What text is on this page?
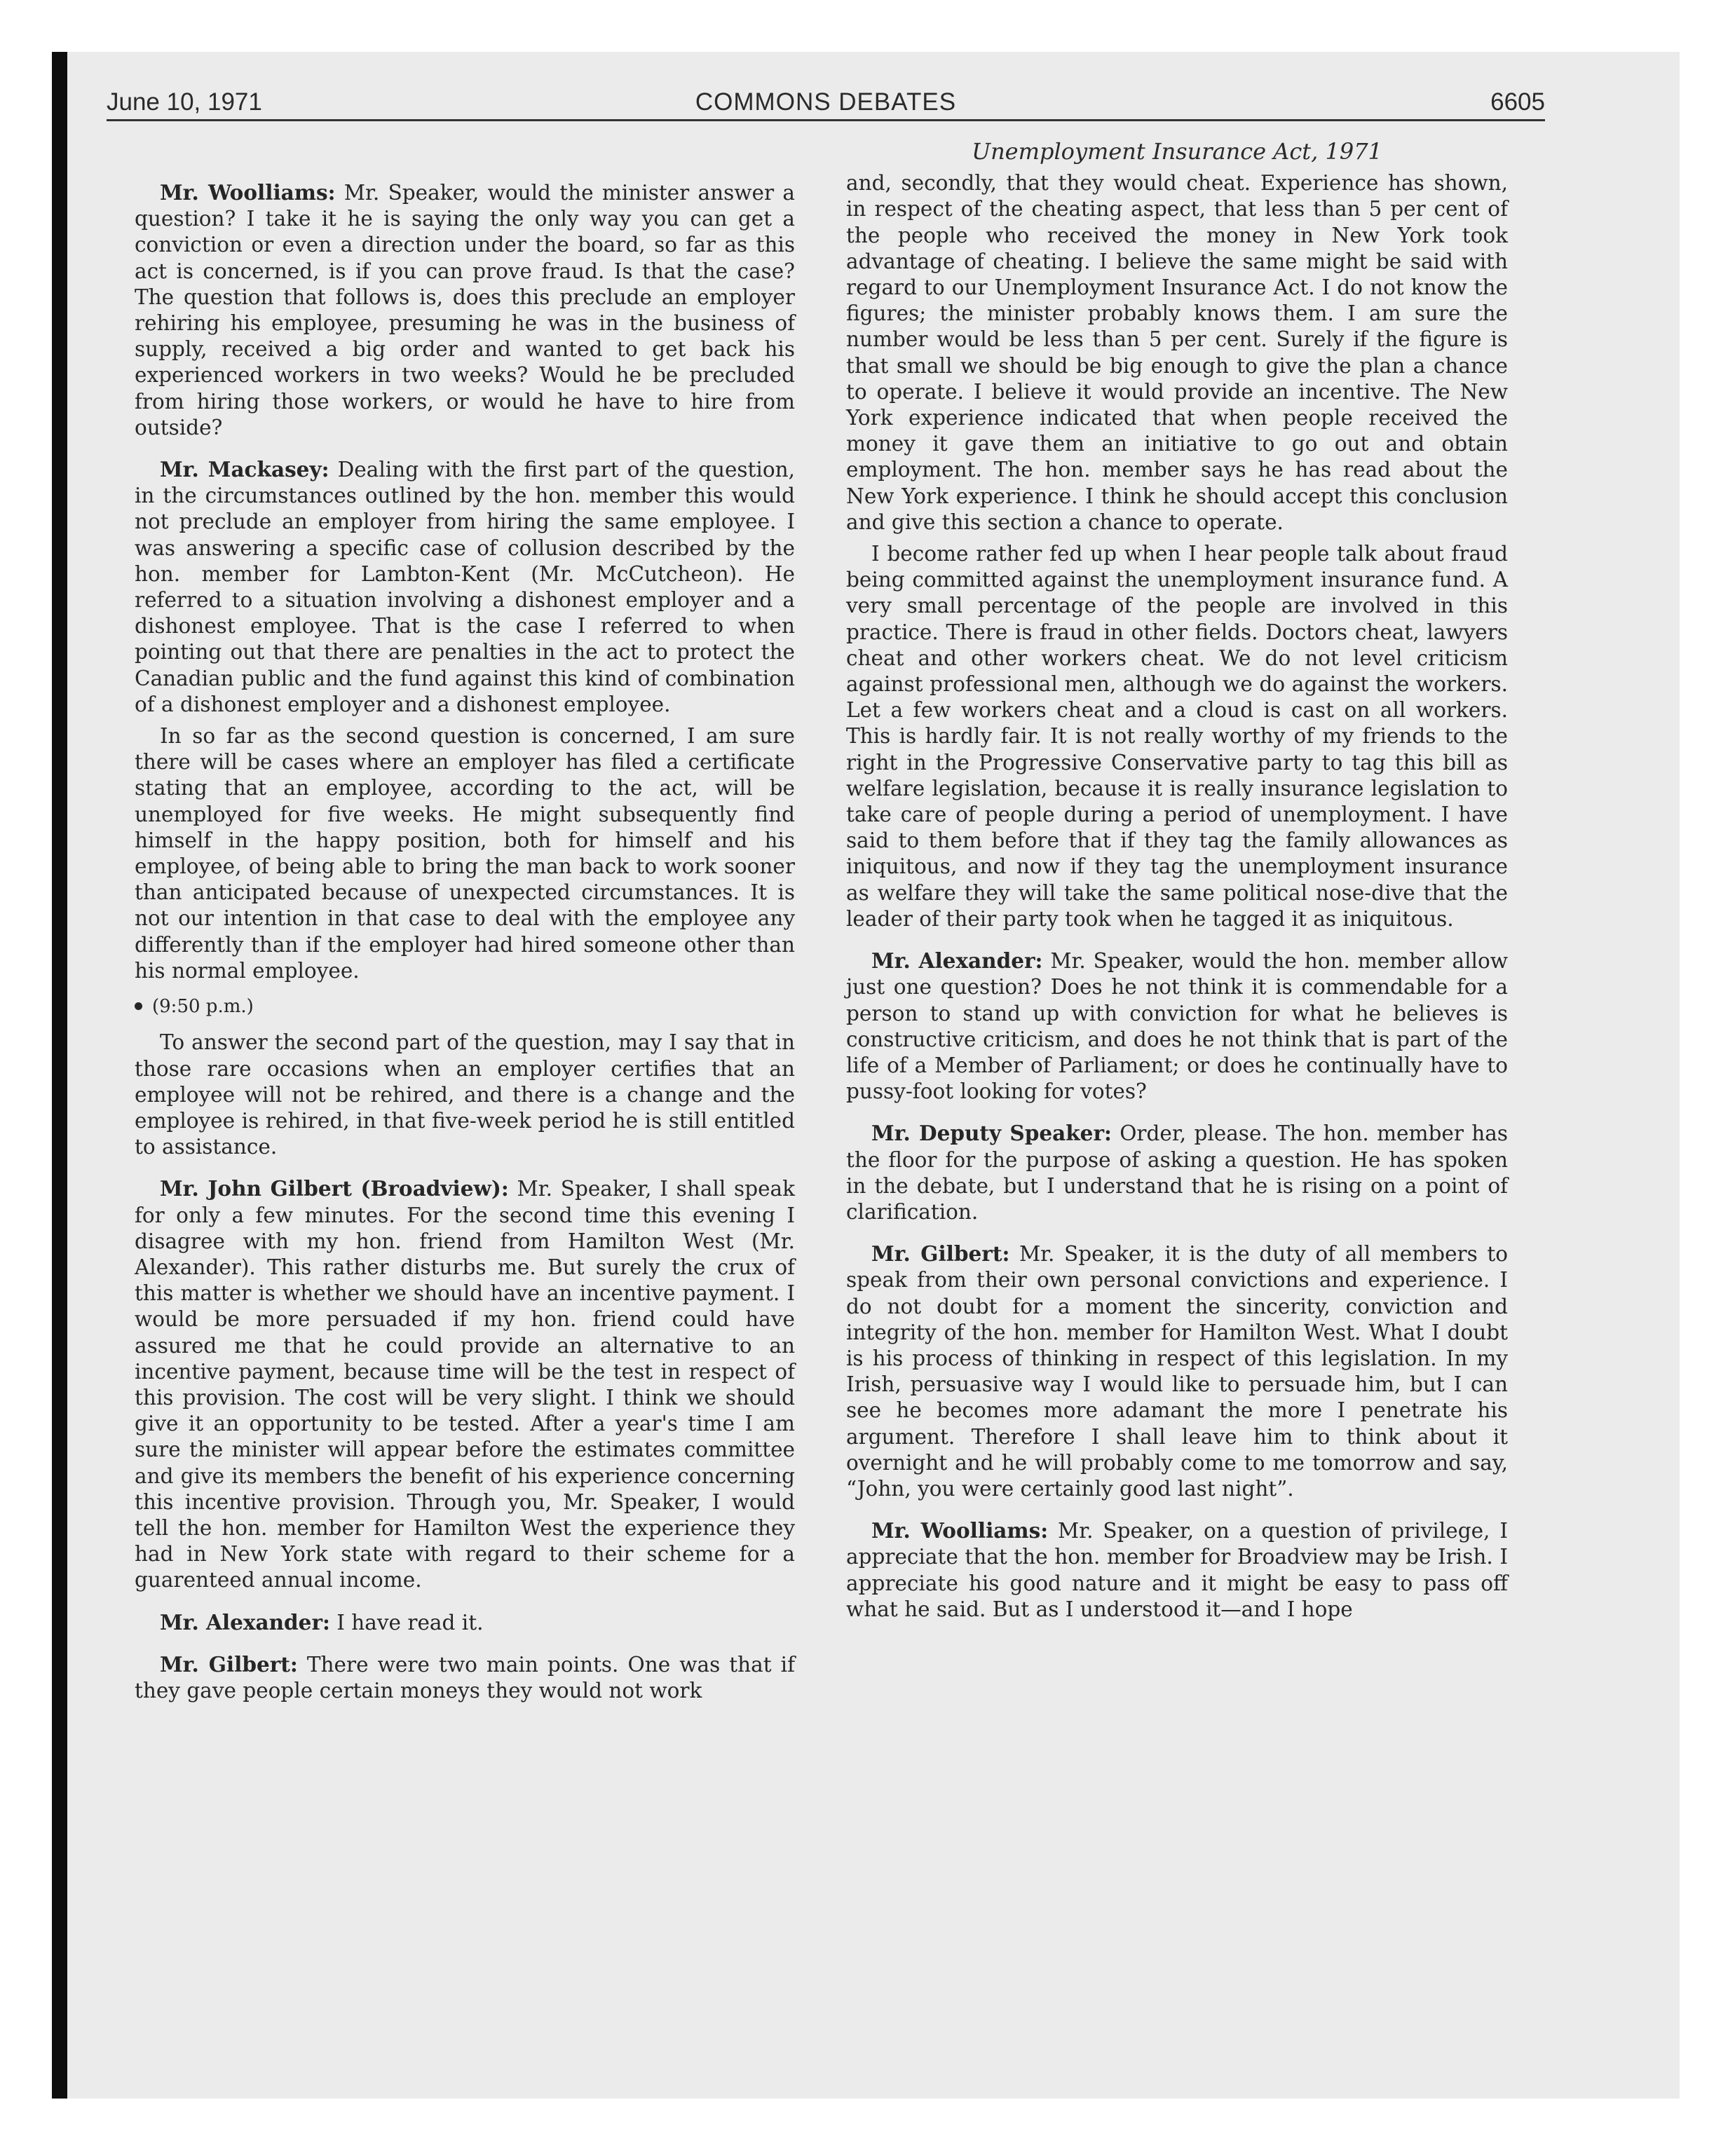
June 10, 1971	COMMONS DEBATES	6605

Mr. Woolliams: Mr. Speaker, would the minister answer a question? I take it he is saying the only way you can get a conviction or even a direction under the board, so far as this act is concerned, is if you can prove fraud. Is that the case? The question that follows is, does this preclude an employer rehiring his employee, presuming he was in the business of supply, received a big order and wanted to get back his experienced workers in two weeks? Would he be precluded from hiring those workers, or would he have to hire from outside?

Mr. Mackasey: Dealing with the first part of the question, in the circumstances outlined by the hon. member this would not preclude an employer from hiring the same employee. I was answering a specific case of collusion described by the hon. member for Lambton-Kent (Mr. McCutcheon). He referred to a situation involving a dishonest employer and a dishonest employee. That is the case I referred to when pointing out that there are penalties in the act to protect the Canadian public and the fund against this kind of combination of a dishonest employer and a dishonest employee.

In so far as the second question is concerned, I am sure there will be cases where an employer has filed a certificate stating that an employee, according to the act, will be unemployed for five weeks. He might subsequently find himself in the happy position, both for himself and his employee, of being able to bring the man back to work sooner than anticipated because of unexpected circumstances. It is not our intention in that case to deal with the employee any differently than if the employer had hired someone other than his normal employee.

(9:50 p.m.)

To answer the second part of the question, may I say that in those rare occasions when an employer certifies that an employee will not be rehired, and there is a change and the employee is rehired, in that five-week period he is still entitled to assistance.

Mr. John Gilbert (Broadview): Mr. Speaker, I shall speak for only a few minutes. For the second time this evening I disagree with my hon. friend from Hamilton West (Mr. Alexander). This rather disturbs me. But surely the crux of this matter is whether we should have an incentive payment. I would be more persuaded if my hon. friend could have assured me that he could provide an alternative to an incentive payment, because time will be the test in respect of this provision. The cost will be very slight. I think we should give it an opportunity to be tested. After a year's time I am sure the minister will appear before the estimates committee and give its members the benefit of his experience concerning this incentive provision. Through you, Mr. Speaker, I would tell the hon. member for Hamilton West the experience they had in New York state with regard to their scheme for a guarenteed annual income.

Mr. Alexander: I have read it.

Mr. Gilbert: There were two main points. One was that if they gave people certain moneys they would not work

Unemployment Insurance Act, 1971

and, secondly, that they would cheat. Experience has shown, in respect of the cheating aspect, that less than 5 per cent of the people who received the money in New York took advantage of cheating. I believe the same might be said with regard to our Unemployment Insurance Act. I do not know the figures; the minister probably knows them. I am sure the number would be less than 5 per cent. Surely if the figure is that small we should be big enough to give the plan a chance to operate. I believe it would provide an incentive. The New York experience indicated that when people received the money it gave them an initiative to go out and obtain employment. The hon. member says he has read about the New York experience. I think he should accept this conclusion and give this section a chance to operate.

I become rather fed up when I hear people talk about fraud being committed against the unemployment insurance fund. A very small percentage of the people are involved in this practice. There is fraud in other fields. Doctors cheat, lawyers cheat and other workers cheat. We do not level criticism against professional men, although we do against the workers. Let a few workers cheat and a cloud is cast on all workers. This is hardly fair. It is not really worthy of my friends to the right in the Progressive Conservative party to tag this bill as welfare legislation, because it is really insurance legislation to take care of people during a period of unemployment. I have said to them before that if they tag the family allowances as iniquitous, and now if they tag the unemployment insurance as welfare they will take the same political nose-dive that the leader of their party took when he tagged it as iniquitous.

Mr. Alexander: Mr. Speaker, would the hon. member allow just one question? Does he not think it is commendable for a person to stand up with conviction for what he believes is constructive criticism, and does he not think that is part of the life of a Member of Parliament; or does he continually have to pussy-foot looking for votes?

Mr. Deputy Speaker: Order, please. The hon. member has the floor for the purpose of asking a question. He has spoken in the debate, but I understand that he is rising on a point of clarification.

Mr. Gilbert: Mr. Speaker, it is the duty of all members to speak from their own personal convictions and experience. I do not doubt for a moment the sincerity, conviction and integrity of the hon. member for Hamilton West. What I doubt is his process of thinking in respect of this legislation. In my Irish, persuasive way I would like to persuade him, but I can see he becomes more adamant the more I penetrate his argument. Therefore I shall leave him to think about it overnight and he will probably come to me tomorrow and say, “John, you were certainly good last night”.

Mr. Woolliams: Mr. Speaker, on a question of privilege, I appreciate that the hon. member for Broadview may be Irish. I appreciate his good nature and it might be easy to pass off what he said. But as I understood it—and I hope
